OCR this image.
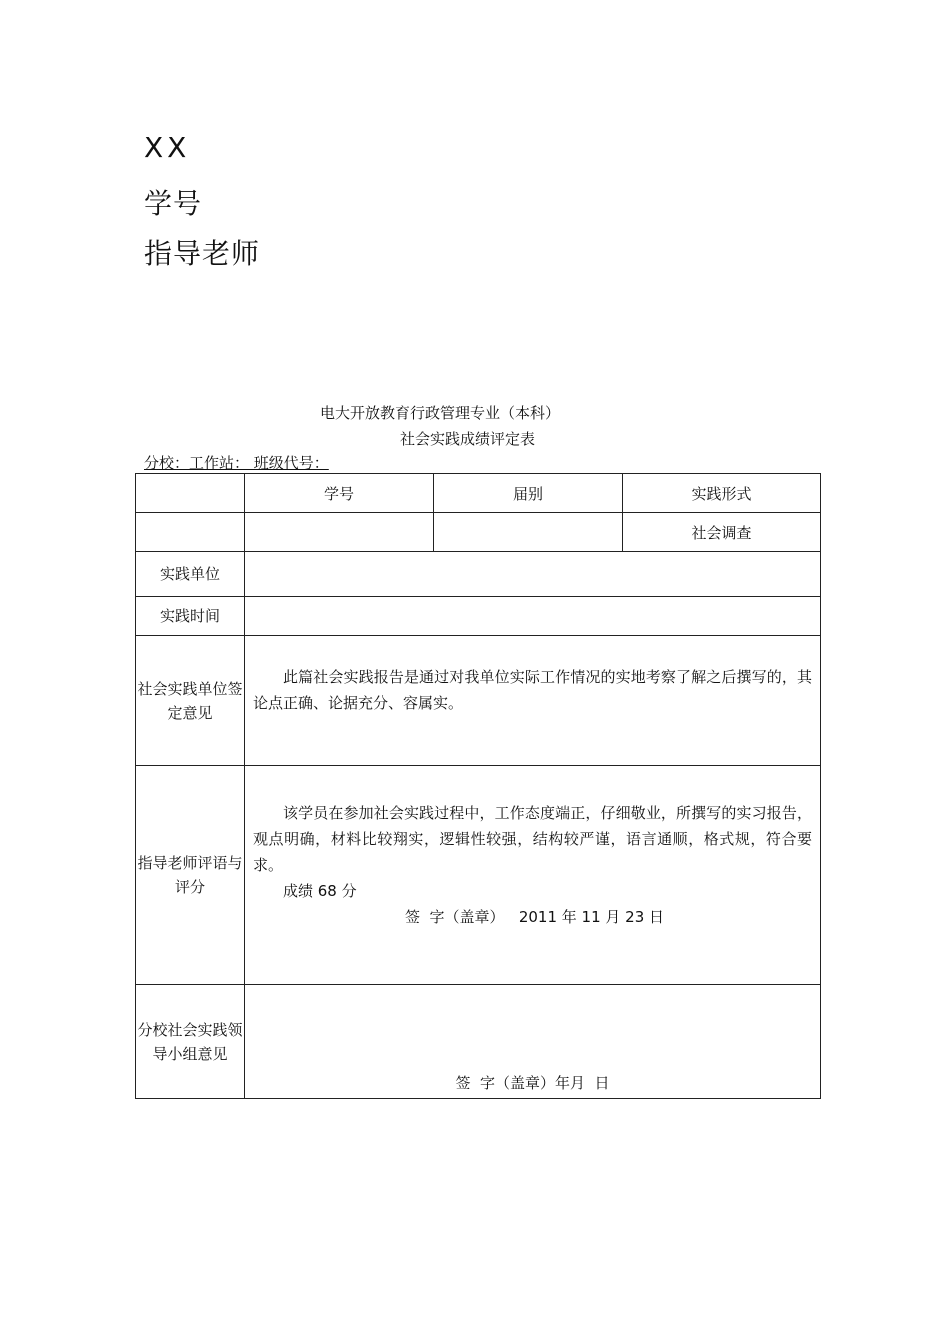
XX
学号
指导老师
电大开放教育行政管理专业（本科）
社会实践成绩评定表
分校：工作站： 班级代号：
	学号	届别	实践形式
			社会调查
实践单位			
实践时间			
社会实践单位签定意见	此篇社会实践报告是通过对我单位实际工作情况的实地考察了解之后撰写的，其论点正确、论据充分、容属实。		

指导老师评语与评分	该学员在参加社会实践过程中，工作态度端正，仔细敬业，所撰写的实习报告，观点明确，材料比较翔实，逻辑性较强，结构较严谨，语言通顺，格式规，符合要求。
成绩 68 分
签  字（盖章）   2011 年 11 月 23 日		

分校社会实践领导小组意见	签  字（盖章）年月  日		
